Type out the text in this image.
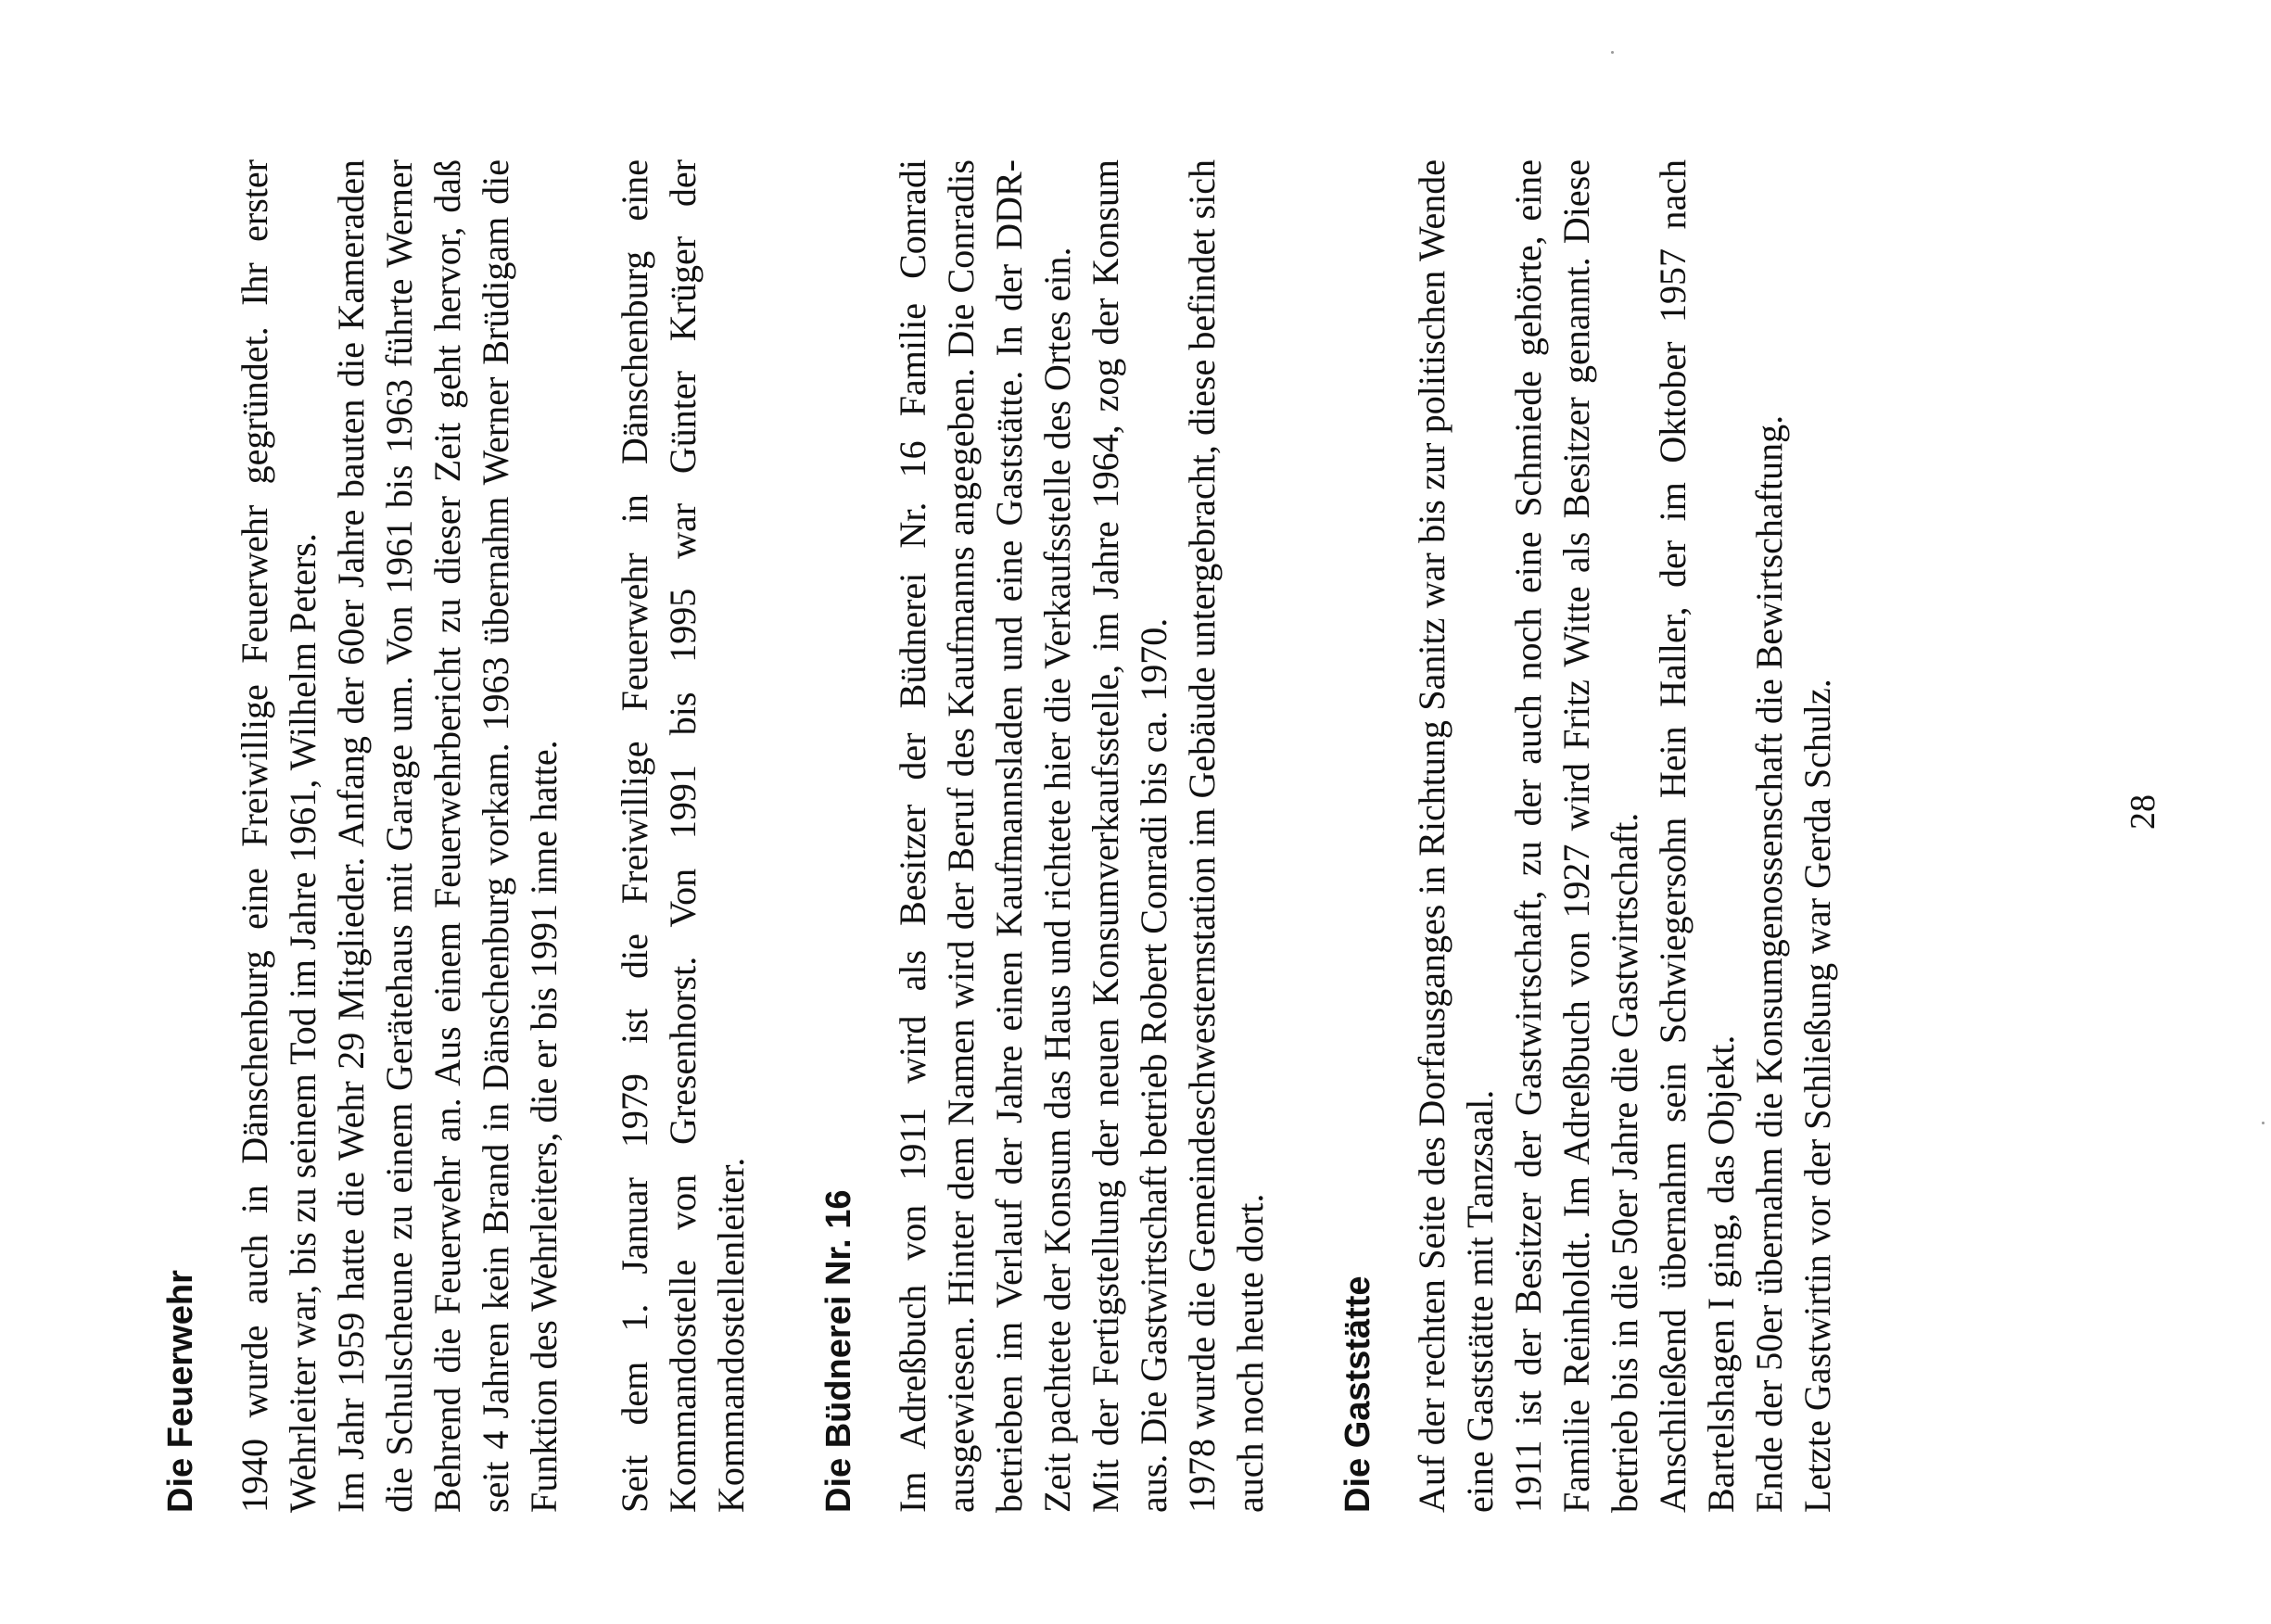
Die Feuerwehr 1940 wurde auch in Dänschenburg eine Freiwillige Feuerwehr gegründet. Ihr erster Wehrleiter war, bis zu seinem Tod im Jahre 1961, Wilhelm Peters. Im Jahr 1959 hatte die Wehr 29 Mitglieder. Anfang der 60er Jahre bauten die Kameraden die Schulscheune zu einem Gerätehaus mit Garage um. Von 1961 bis 1963 führte Werner Behrend die Feuerwehr an. Aus einem Feuerwehrbericht zu dieser Zeit geht hervor, daß seit 4 Jahren kein Brand in Dänschenburg vorkam. 1963 übernahm Werner Brüdigam die Funktion des Wehrleiters, die er bis 1991 inne hatte. Seit dem 1. Januar 1979 ist die Freiwillige Feuerwehr in Dänschenburg eine Kommandostelle von Gresenhorst. Von 1991 bis 1995 war Günter Krüger der Kommandostellenleiter. Die Büdnerei Nr. 16 Im Adreßbuch von 1911 wird als Besitzer der Büdnerei Nr. 16 Familie Conradi ausgewiesen. Hinter dem Namen wird der Beruf des Kaufmanns angegeben. Die Conradis betrieben im Verlauf der Jahre einen Kaufmannsladen und eine Gaststätte. In der DDR-Zeit pachtete der Konsum das Haus und richtete hier die Verkaufsstelle des Ortes ein. Mit der Fertigstellung der neuen Konsumverkaufsstelle, im Jahre 1964, zog der Konsum aus. Die Gastwirtschaft betrieb Robert Conradi bis ca. 1970. 1978 wurde die Gemeindeschwesternstation im Gebäude untergebracht, diese befindet sich auch noch heute dort. Die Gaststätte Auf der rechten Seite des Dorfausganges in Richtung Sanitz war bis zur politischen Wende eine Gaststätte mit Tanzsaal. 1911 ist der Besitzer der Gastwirtschaft, zu der auch noch eine Schmiede gehörte, eine Familie Reinholdt. Im Adreßbuch von 1927 wird Fritz Witte als Besitzer genannt. Diese betrieb bis in die 50er Jahre die Gastwirtschaft. Anschließend übernahm sein Schwiegersohn Hein Haller, der im Oktober 1957 nach Bartelshagen I ging, das Objekt. Ende der 50er übernahm die Konsumgenossenschaft die Bewirtschaftung. Letzte Gastwirtin vor der Schließung war Gerda Schulz.	28
